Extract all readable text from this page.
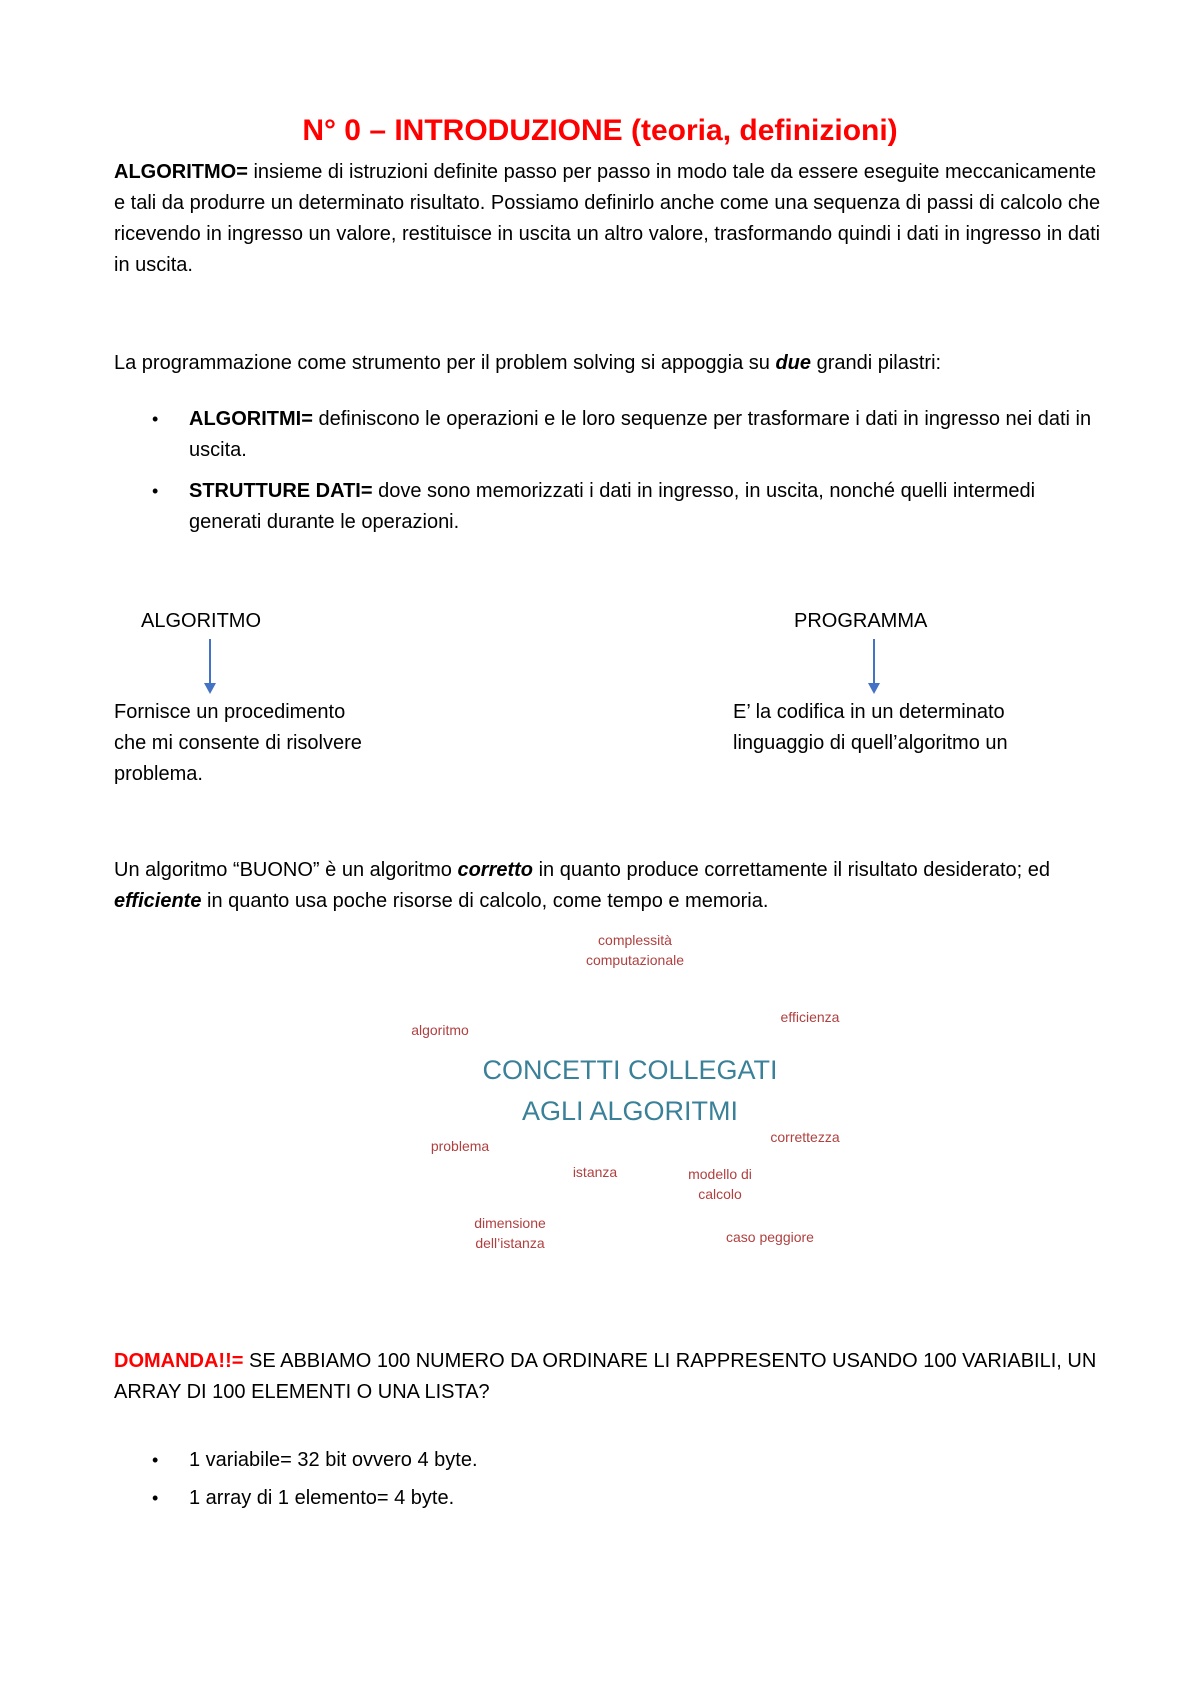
N° 0 – INTRODUZIONE (teoria, definizioni)

ALGORITMO= insieme di istruzioni definite passo per passo in modo tale da essere eseguite meccanicamente e tali da produrre un determinato risultato. Possiamo definirlo anche come una sequenza di passi di calcolo che ricevendo in ingresso un valore, restituisce in uscita un altro valore, trasformando quindi i dati in ingresso in dati in uscita.

La programmazione come strumento per il problem solving si appoggia su due grandi pilastri:

• ALGORITMI= definiscono le operazioni e le loro sequenze per trasformare i dati in ingresso nei dati in uscita.
• STRUTTURE DATI= dove sono memorizzati i dati in ingresso, in uscita, nonché quelli intermedi generati durante le operazioni.
ALGORITMO
Fornisce un procedimento
che mi consente di risolvere
problema.
PROGRAMMA
E’ la codifica in un determinato
linguaggio di quell’algoritmo un

Un algoritmo “BUONO” è un algoritmo corretto in quanto produce correttamente il risultato desiderato; ed efficiente in quanto usa poche risorse di calcolo, come tempo e memoria.

complessità
computazionale
efficienza
algoritmo
CONCETTI COLLEGATI
AGLI ALGORITMI
problema
correttezza
istanza	modello di
calcolo
dimensione
dell’istanza	caso peggiore

DOMANDA!!= SE ABBIAMO 100 NUMERO DA ORDINARE LI RAPPRESENTO USANDO 100 VARIABILI, UN ARRAY DI 100 ELEMENTI O UNA LISTA?

• 1 variabile= 32 bit ovvero 4 byte.
• 1 array di 1 elemento= 4 byte.
